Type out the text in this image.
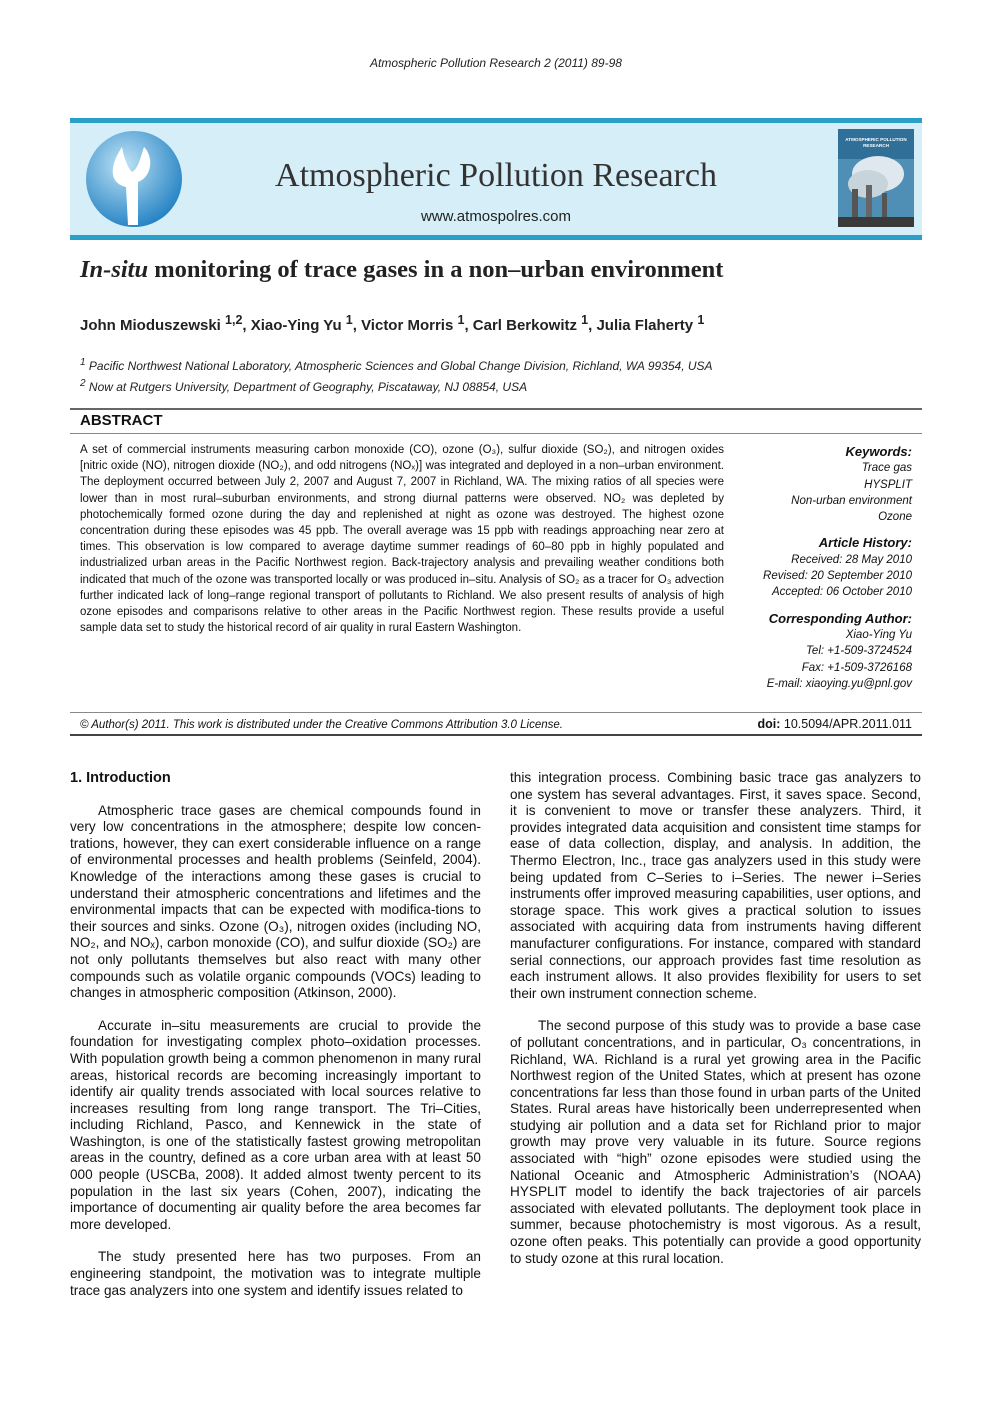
Atmospheric Pollution Research 2 (2011) 89-98
Atmospheric Pollution Research
www.atmospolres.com
ATMOSPHERIC POLLUTION
RESEARCH
In-situ monitoring of trace gases in a non–urban environment
John Mioduszewski $^{1,2}$, Xiao-Ying Yu $^1$, Victor Morris $^1$, Carl Berkowitz $^1$, Julia Flaherty $^1$
$^1$ Pacific Northwest National Laboratory, Atmospheric Sciences and Global Change Division, Richland, WA 99354, USA
$^2$ Now at Rutgers University, Department of Geography, Piscataway, NJ 08854, USA
ABSTRACT
A set of commercial instruments measuring carbon monoxide (CO), ozone (O₃), sulfur dioxide (SO₂), and nitrogen oxides [nitric oxide (NO), nitrogen dioxide (NO₂), and odd nitrogens (NOₓ)] was integrated and deployed in a non–urban environment. The deployment occurred between July 2, 2007 and August 7, 2007 in Richland, WA. The mixing ratios of all species were lower than in most rural–suburban environments, and strong diurnal patterns were observed. NO₂ was depleted by photochemically formed ozone during the day and replenished at night as ozone was destroyed. The highest ozone concentration during these episodes was 45 ppb. The overall average was 15 ppb with readings approaching near zero at times. This observation is low compared to average daytime summer readings of 60–80 ppb in highly populated and industrialized urban areas in the Pacific Northwest region. Back-trajectory analysis and prevailing weather conditions both indicated that much of the ozone was transported locally or was produced in–situ. Analysis of SO₂ as a tracer for O₃ advection further indicated lack of long–range regional transport of pollutants to Richland. We also present results of analysis of high ozone episodes and comparisons relative to other areas in the Pacific Northwest region. These results provide a useful sample data set to study the historical record of air quality in rural Eastern Washington.
Keywords:
Trace gas
HYSPLIT
Non-urban environment
Ozone
Article History:
Received: 28 May 2010
Revised: 20 September 2010
Accepted: 06 October 2010
Corresponding Author:
Xiao-Ying Yu
Tel: +1-509-3724524
Fax: +1-509-3726168
E-mail: xiaoying.yu@pnl.gov
© Author(s) 2011. This work is distributed under the Creative Commons Attribution 3.0 License.	doi: 10.5094/APR.2011.011
1. Introduction

Atmospheric trace gases are chemical compounds found in very low concentrations in the atmosphere; despite low concen-trations, however, they can exert considerable influence on a range of environmental processes and health problems (Seinfeld, 2004). Knowledge of the interactions among these gases is crucial to understand their atmospheric concentrations and lifetimes and the environmental impacts that can be expected with modifica-tions to their sources and sinks. Ozone (O₃), nitrogen oxides (including NO, NO₂, and NOₓ), carbon monoxide (CO), and sulfur dioxide (SO₂) are not only pollutants themselves but also react with many other compounds such as volatile organic compounds (VOCs) leading to changes in atmospheric composition (Atkinson, 2000).

Accurate in–situ measurements are crucial to provide the foundation for investigating complex photo–oxidation processes. With population growth being a common phenomenon in many rural areas, historical records are becoming increasingly important to identify air quality trends associated with local sources relative to increases resulting from long range transport. The Tri–Cities, including Richland, Pasco, and Kennewick in the state of Washington, is one of the statistically fastest growing metropolitan areas in the country, defined as a core urban area with at least 50 000 people (USCBa, 2008). It added almost twenty percent to its population in the last six years (Cohen, 2007), indicating the importance of documenting air quality before the area becomes far more developed.

The study presented here has two purposes. From an engineering standpoint, the motivation was to integrate multiple trace gas analyzers into one system and identify issues related to

this integration process. Combining basic trace gas analyzers to one system has several advantages. First, it saves space. Second, it is convenient to move or transfer these analyzers. Third, it provides integrated data acquisition and consistent time stamps for ease of data collection, display, and analysis. In addition, the Thermo Electron, Inc., trace gas analyzers used in this study were being updated from C–Series to i–Series. The newer i–Series instruments offer improved measuring capabilities, user options, and storage space. This work gives a practical solution to issues associated with acquiring data from instruments having different manufacturer configurations. For instance, compared with standard serial connections, our approach provides fast time resolution as each instrument allows. It also provides flexibility for users to set their own instrument connection scheme.

The second purpose of this study was to provide a base case of pollutant concentrations, and in particular, O₃ concentrations, in Richland, WA. Richland is a rural yet growing area in the Pacific Northwest region of the United States, which at present has ozone concentrations far less than those found in urban parts of the United States. Rural areas have historically been underrepresented when studying air pollution and a data set for Richland prior to major growth may prove very valuable in its future. Source regions associated with “high” ozone episodes were studied using the National Oceanic and Atmospheric Administration’s (NOAA) HYSPLIT model to identify the back trajectories of air parcels associated with elevated pollutants. The deployment took place in summer, because photochemistry is most vigorous. As a result, ozone often peaks. This potentially can provide a good opportunity to study ozone at this rural location.
